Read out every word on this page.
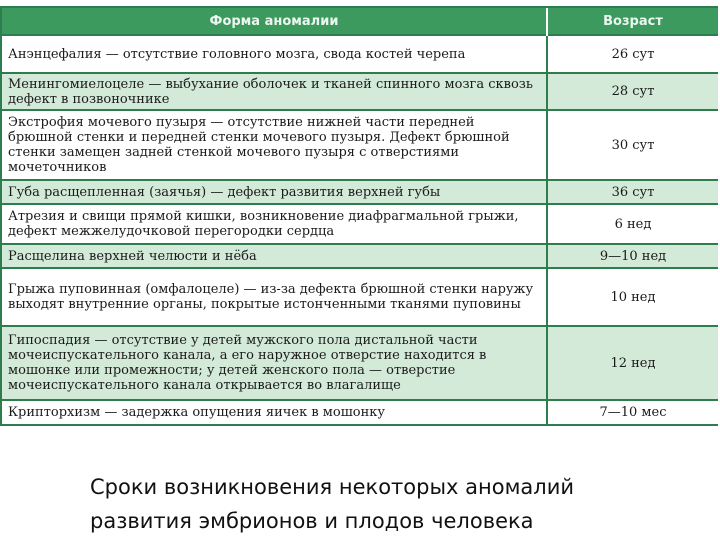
Форма аномалии	Возраст
Анэнцефалия — отсутствие головного мозга, свода костей черепа	26 сут
Менингомиелоцеле — выбухание оболочек и тканей спинного мозга сквозь дефект в позвоночнике	28 сут
Экстрофия мочевого пузыря — отсутствие нижней части передней брюшной стенки и передней стенки мочевого пузыря. Дефект брюшной стенки замещен задней стенкой мочевого пузыря с отверстиями мочеточников	30 сут
Губа расщепленная (заячья) — дефект развития верхней губы	36 сут
Атрезия и свищи прямой кишки, возникновение диафрагмальной грыжи, дефект межжелудочковой перегородки сердца	6 нед
Расщелина верхней челюсти и нёба	9—10 нед
Грыжа пуповинная (омфалоцеле) — из-за дефекта брюшной стенки наружу выходят внутренние органы, покрытые истонченными тканями пуповины	10 нед
Гипоспадия — отсутствие у детей мужского пола дистальной части мочеиспускательного канала, а его наружное отверстие находится в мошонке или промежности; у детей женского пола — отверстие мочеиспускательного канала открывается во влагалище	12 нед
Крипторхизм — задержка опущения яичек в мошонку	7—10 мес
Сроки возникновения некоторых аномалий
развития эмбрионов и плодов человека
